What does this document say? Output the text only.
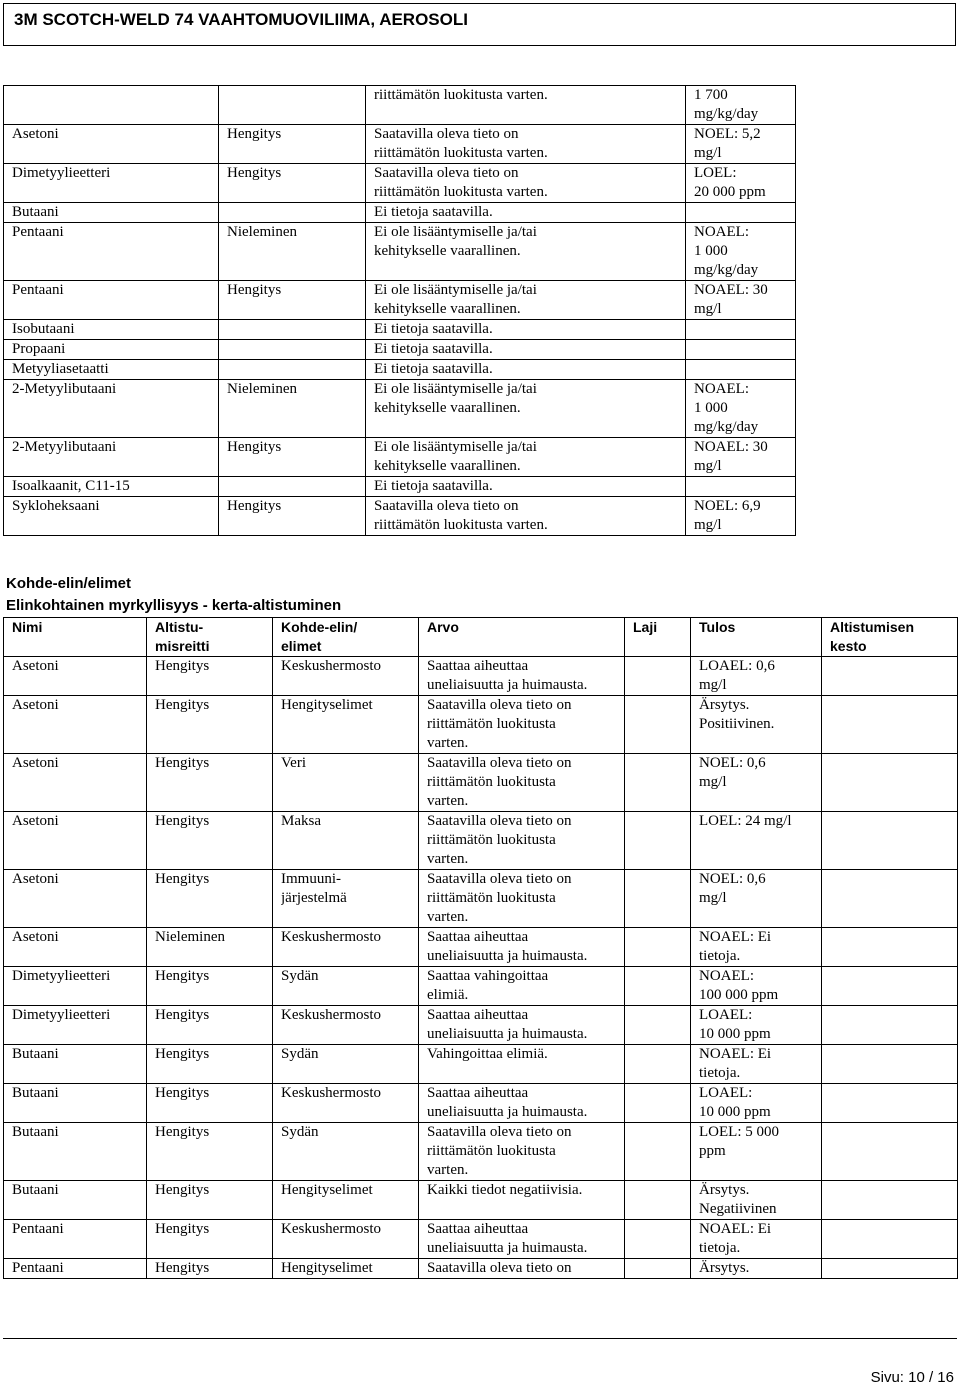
3M SCOTCH-WELD 74 VAAHTOMUOVILIIMA, AEROSOLI

		riittämätön luokitusta varten.	1 700
mg/kg/day	

Asetoni	Hengitys	Saatavilla oleva tieto on
riittämätön luokitusta varten.	NOEL: 5,2
mg/l	

Dimetyylieetteri	Hengitys	Saatavilla oleva tieto on
riittämätön luokitusta varten.	LOEL:
20 000 ppm	

Butaani		Ei tietoja saatavilla.		

Pentaani	Nieleminen	Ei ole lisääntymiselle ja/tai
kehitykselle vaarallinen.	NOAEL:
1 000
mg/kg/day	

Pentaani	Hengitys	Ei ole lisääntymiselle ja/tai
kehitykselle vaarallinen.	NOAEL: 30
mg/l	

Isobutaani		Ei tietoja saatavilla.		

Propaani		Ei tietoja saatavilla.		

Metyyliasetaatti		Ei tietoja saatavilla.		

2-Metyylibutaani	Nieleminen	Ei ole lisääntymiselle ja/tai
kehitykselle vaarallinen.	NOAEL:
1 000
mg/kg/day	

2-Metyylibutaani	Hengitys	Ei ole lisääntymiselle ja/tai
kehitykselle vaarallinen.	NOAEL: 30
mg/l	

Isoalkaanit, C11-15		Ei tietoja saatavilla.		

Sykloheksaani	Hengitys	Saatavilla oleva tieto on
riittämätön luokitusta varten.	NOEL: 6,9
mg/l	

Kohde-elin/elimet
Elinkohtainen myrkyllisyys - kerta-altistuminen
Nimi	Altistu-
misreitti	Kohde-elin/
elimet	Arvo	Laji	Tulos	Altistumisen
kesto

Asetoni	Hengitys	Keskushermosto	Saattaa aiheuttaa
uneliaisuutta ja huimausta.		LOAEL: 0,6
mg/l	

Asetoni	Hengitys	Hengityselimet	Saatavilla oleva tieto on
riittämätön luokitusta
varten.		Ärsytys.
Positiivinen.	

Asetoni	Hengitys	Veri	Saatavilla oleva tieto on
riittämätön luokitusta
varten.		NOEL: 0,6
mg/l	

Asetoni	Hengitys	Maksa	Saatavilla oleva tieto on
riittämätön luokitusta
varten.		LOEL: 24 mg/l	

Asetoni	Hengitys	Immuuni-
järjestelmä	Saatavilla oleva tieto on
riittämätön luokitusta
varten.		NOEL: 0,6
mg/l	

Asetoni	Nieleminen	Keskushermosto	Saattaa aiheuttaa
uneliaisuutta ja huimausta.		NOAEL: Ei
tietoja.	

Dimetyylieetteri	Hengitys	Sydän	Saattaa vahingoittaa
elimiä.		NOAEL:
100 000 ppm	

Dimetyylieetteri	Hengitys	Keskushermosto	Saattaa aiheuttaa
uneliaisuutta ja huimausta.		LOAEL:
10 000 ppm	

Butaani	Hengitys	Sydän	Vahingoittaa elimiä.		NOAEL: Ei
tietoja.	

Butaani	Hengitys	Keskushermosto	Saattaa aiheuttaa
uneliaisuutta ja huimausta.		LOAEL:
10 000 ppm	

Butaani	Hengitys	Sydän	Saatavilla oleva tieto on
riittämätön luokitusta
varten.		LOEL: 5 000
ppm	

Butaani	Hengitys	Hengityselimet	Kaikki tiedot negatiivisia.		Ärsytys.
Negatiivinen	

Pentaani	Hengitys	Keskushermosto	Saattaa aiheuttaa
uneliaisuutta ja huimausta.		NOAEL: Ei
tietoja.	

Pentaani	Hengitys	Hengityselimet	Saatavilla oleva tieto on		Ärsytys.	

Sivu: 10 / 16
